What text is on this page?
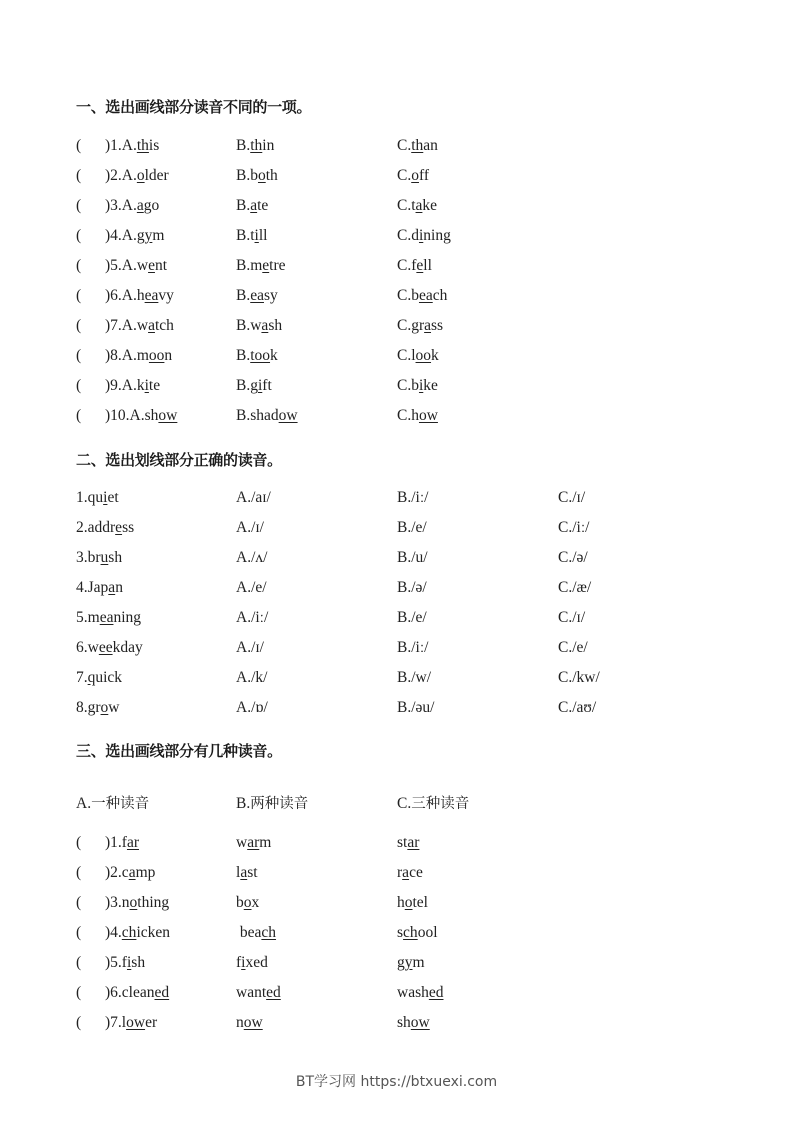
一、选出画线部分读音不同的一项。
( )1.A.this	B.thin	C.than
( )2.A.older	B.both	C.off
( )3.A.ago	B.ate	C.take
( )4.A.gym	B.till	C.dining
( )5.A.went	B.metre	C.fell
( )6.A.heavy	B.easy	C.beach
( )7.A.watch	B.wash	C.grass
( )8.A.moon	B.took	C.look
( )9.A.kite	B.gift	C.bike
( )10.A.show	B.shadow	C.how
二、选出划线部分正确的读音。
1.quiet	A./aɪ/	B./iː/	C./ɪ/
2.address	A./ɪ/	B./e/	C./iː/
3.brush	A./ʌ/	B./u/	C./ə/
4.Japan	A./e/	B./ə/	C./æ/
5.meaning	A./iː/	B./e/	C./ɪ/
6.weekday	A./ɪ/	B./iː/	C./e/
7.quick	A./k/	B./w/	C./kw/
8.grow	A./ɒ/	B./əu/	C./aʊ/
三、选出画线部分有几种读音。
A.一种读音	B.两种读音	C.三种读音
( )1.far	warm	star
( )2.camp	last	race
( )3.nothing	box	hotel
( )4.chicken	beach	school
( )5.fish	fixed	gym
( )6.cleaned	wanted	washed
( )7.lower	now	show
BT学习网 https://btxuexi.com
